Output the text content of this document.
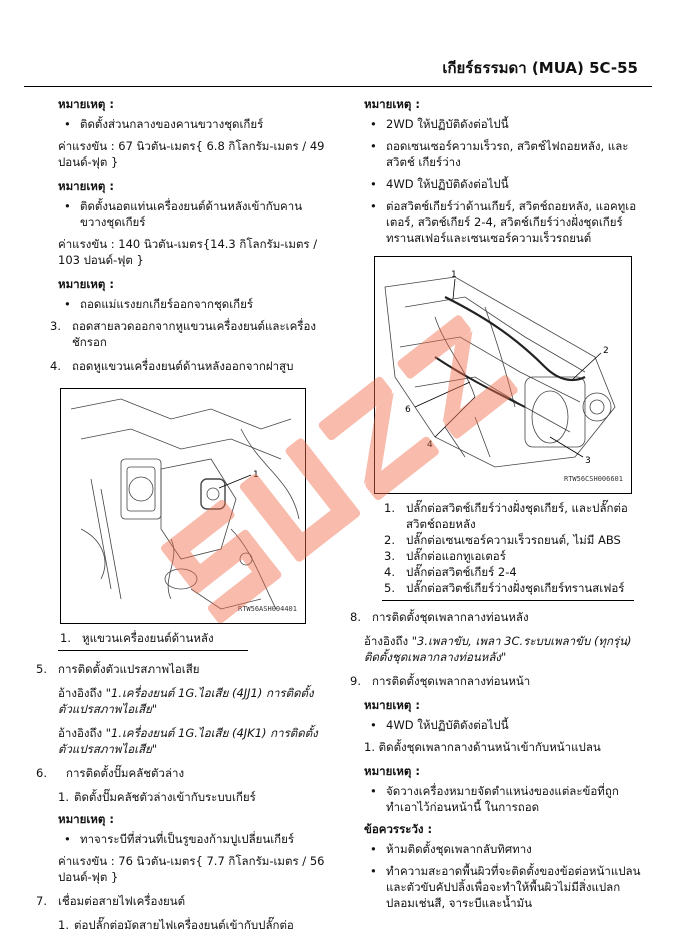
เกียร์ธรรมดา (MUA) 5C-55
หมายเหตุ :
• ติดตั้งส่วนกลางของคานขวางชุดเกียร์

ค่าแรงขัน : 67 นิวตัน-เมตร{ 6.8 กิโลกรัม-เมตร / 49 ปอนด์-ฟุต }

หมายเหตุ :
• ติดตั้งนอตแท่นเครื่องยนต์ด้านหลังเข้ากับคานขวางชุดเกียร์

ค่าแรงขัน : 140 นิวตัน-เมตร{14.3 กิโลกรัม-เมตร / 103 ปอนด์-ฟุต }

หมายเหตุ :
• ถอดแม่แรงยกเกียร์ออกจากชุดเกียร์
3. ถอดสายลวดออกจากหูแขวนเครื่องยนต์และเครื่องชักรอก
4. ถอดหูแขวนเครื่องยนต์ด้านหลังออกจากฝาสูบ
1
RTW56ASH004401
1. หูแขวนเครื่องยนต์ด้านหลัง
5. การติดตั้งตัวแปรสภาพไอเสีย

อ้างอิงถึง "1.เครื่องยนต์ 1G.ไอเสีย (4JJ1) การติดตั้งตัวแปรสภาพไอเสีย"

อ้างอิงถึง "1.เครื่องยนต์ 1G.ไอเสีย (4JK1) การติดตั้งตัวแปรสภาพไอเสีย"

6. การติดตั้งปั๊มคลัชตัวล่าง
1. ติดตั้งปั๊มคลัชตัวล่างเข้ากับระบบเกียร์
หมายเหตุ :
• ทาจาระบีที่ส่วนที่เป็นรูของก้ามปูเปลี่ยนเกียร์

ค่าแรงขัน : 76 นิวตัน-เมตร{ 7.7 กิโลกรัม-เมตร / 56 ปอนด์-ฟุต }

7. เชื่อมต่อสายไฟเครื่องยนต์
1. ต่อปลั๊กต่อมัดสายไฟเครื่องยนต์เข้ากับปลั๊กต่อ
หมายเหตุ :
• 2WD ให้ปฏิบัติดังต่อไปนี้
• ถอดเซนเซอร์ความเร็วรถ, สวิตช์ไฟถอยหลัง, และสวิตช์ เกียร์ว่าง
• 4WD ให้ปฏิบัติดังต่อไปนี้
• ต่อสวิตช์เกียร์ว่าด้านเกียร์, สวิตช์ถอยหลัง, แอคทูเอเตอร์, สวิตช์เกียร์ 2-4, สวิตช์เกียร์ว่างฝั่งชุดเกียร์ทรานสเฟอร์และเซนเซอร์ความเร็วรถยนต์
1
2
3
4
6
RTW56CSH006601
1. ปลั๊กต่อสวิตช์เกียร์ว่างฝั่งชุดเกียร์, และปลั๊กต่อสวิตช์ถอยหลัง
2. ปลั๊กต่อเซนเซอร์ความเร็วรถยนต์, ไม่มี ABS
3. ปลั๊กต่อแอกทูเอเตอร์
4. ปลั๊กต่อสวิตช์เกียร์ 2-4
5. ปลั๊กต่อสวิตช์เกียร์ว่างฝั่งชุดเกียร์ทรานสเฟอร์
8. การติดตั้งชุดเพลากลางท่อนหลัง

อ้างอิงถึง "3.เพลาขับ, เพลา 3C.ระบบเพลาขับ (ทุกรุ่น) ติดตั้งชุดเพลากลางท่อนหลัง"

9. การติดตั้งชุดเพลากลางท่อนหน้า
หมายเหตุ :
• 4WD ให้ปฏิบัติดังต่อไปนี้

1. ติดตั้งชุดเพลากลางด้านหน้าเข้ากับหน้าแปลน

หมายเหตุ :
• จัดวางเครื่องหมายจัดตำแหน่งของแต่ละข้อที่ถูกทำเอาไว้ก่อนหน้านี้ ในการถอด
ข้อควรระวัง :
• ห้ามติดตั้งชุดเพลากลับทิศทาง
• ทำความสะอาดพื้นผิวที่จะติดตั้งของข้อต่อหน้าแปลน และตัวขับคัปปลิ้งเพื่อจะทำให้พื้นผิวไม่มีสิ่งแปลกปลอมเช่นสี, จาระบีและน้ำมัน
